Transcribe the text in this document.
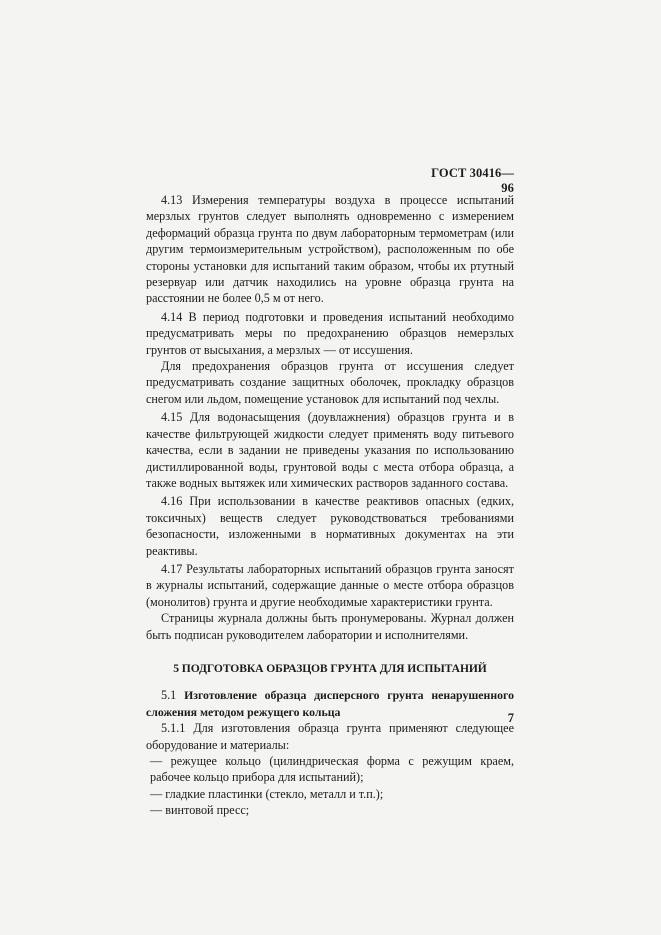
ГОСТ 30416—96

4.13 Измерения температуры воздуха в процессе испытаний мерзлых грунтов следует выполнять одновременно с измерением деформаций образца грунта по двум лабораторным термометрам (или другим термоизмерительным устройством), расположенным по обе стороны установки для испытаний таким образом, чтобы их ртутный резервуар или датчик находились на уровне образца грунта на расстоянии не более 0,5 м от него.

4.14 В период подготовки и проведения испытаний необходимо предусматривать меры по предохранению образцов немерзлых грунтов от высыхания, а мерзлых — от иссушения.

Для предохранения образцов грунта от иссушения следует предусматривать создание защитных оболочек, прокладку образцов снегом или льдом, помещение установок для испытаний под чехлы.

4.15 Для водонасыщения (доувлажнения) образцов грунта и в качестве фильтрующей жидкости следует применять воду питьевого качества, если в задании не приведены указания по использованию дистиллированной воды, грунтовой воды с места отбора образца, а также водных вытяжек или химических растворов заданного состава.

4.16 При использовании в качестве реактивов опасных (едких, токсичных) веществ следует руководствоваться требованиями безопасности, изложенными в нормативных документах на эти реактивы.

4.17 Результаты лабораторных испытаний образцов грунта заносят в журналы испытаний, содержащие данные о месте отбора образцов (монолитов) грунта и другие необходимые характеристики грунта.

Страницы журнала должны быть пронумерованы. Журнал должен быть подписан руководителем лаборатории и исполнителями.

5 ПОДГОТОВКА ОБРАЗЦОВ ГРУНТА ДЛЯ ИСПЫТАНИЙ

5.1 Изготовление образца дисперсного грунта ненарушенного сложения методом режущего кольца

5.1.1 Для изготовления образца грунта применяют следующее оборудование и материалы:

— режущее кольцо (цилиндрическая форма с режущим краем, рабочее кольцо прибора для испытаний);

— гладкие пластинки (стекло, металл и т.п.);

— винтовой пресс;

7
